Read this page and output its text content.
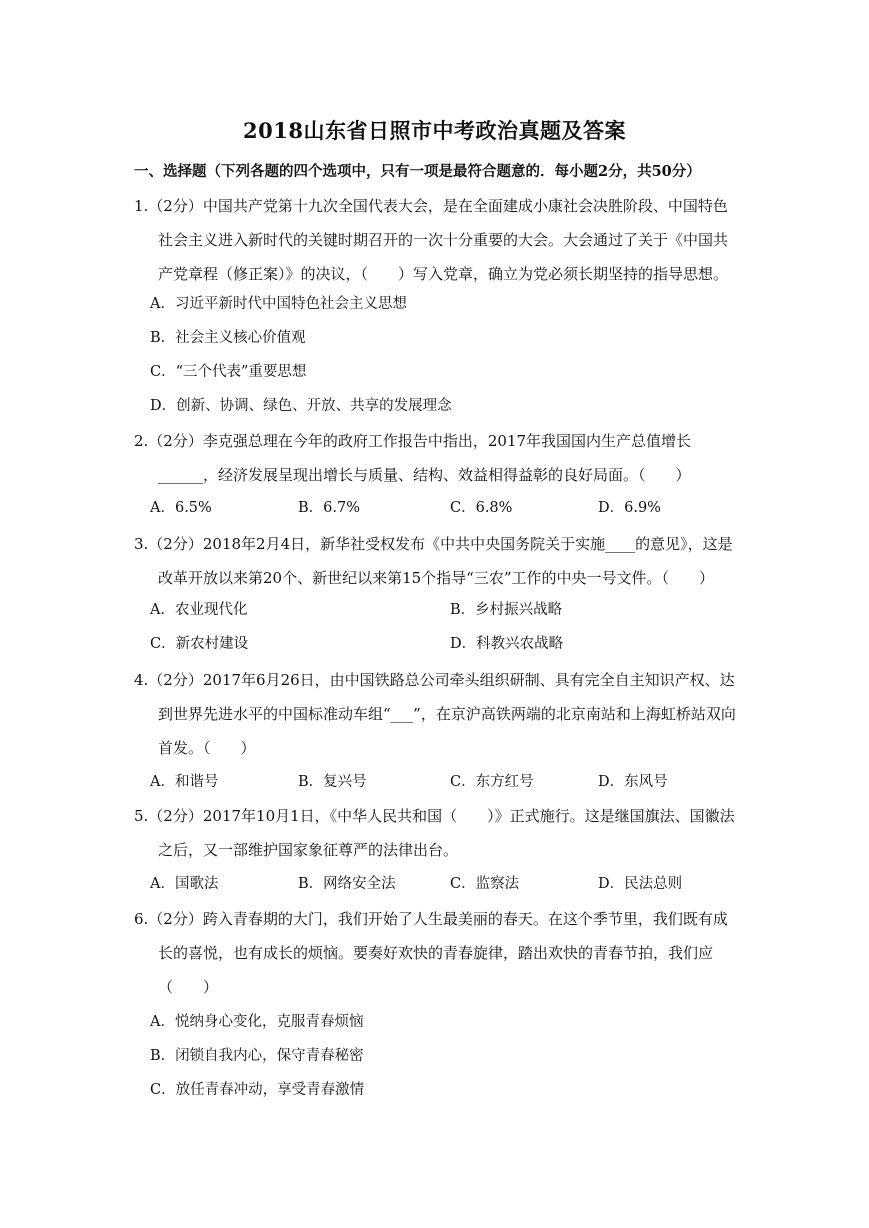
2018山东省日照市中考政治真题及答案
一、选择题（下列各题的四个选项中，只有一项是最符合题意的．每小题2分，共50分）
1.（2分）中国共产党第十九次全国代表大会，是在全面建成小康社会决胜阶段、中国特色社会主义进入新时代的关键时期召开的一次十分重要的大会。大会通过了关于《中国共产党章程（修正案）》的决议，（　　）写入党章，确立为党必须长期坚持的指导思想。
A．习近平新时代中国特色社会主义思想
B．社会主义核心价值观
C．“三个代表”重要思想
D．创新、协调、绿色、开放、共享的发展理念
2.（2分）李克强总理在今年的政府工作报告中指出，2017年我国国内生产总值增长______，经济发展呈现出增长与质量、结构、效益相得益彰的良好局面。（　　）
A．6.5%	B．6.7%	C．6.8%	D．6.9%
3.（2分）2018年2月4日，新华社受权发布《中共中央国务院关于实施____的意见》，这是改革开放以来第20个、新世纪以来第15个指导“三农”工作的中央一号文件。（　　）
A．农业现代化	B．乡村振兴战略
C．新农村建设	D．科教兴农战略
4.（2分）2017年6月26日，由中国铁路总公司牵头组织研制、具有完全自主知识产权、达到世界先进水平的中国标准动车组“___”，在京沪高铁两端的北京南站和上海虹桥站双向首发。（　　）
A．和谐号	B．复兴号	C．东方红号	D．东风号
5.（2分）2017年10月1日，《中华人民共和国（　　）》正式施行。这是继国旗法、国徽法之后，又一部维护国家象征尊严的法律出台。
A．国歌法	B．网络安全法	C．监察法	D．民法总则
6.（2分）跨入青春期的大门，我们开始了人生最美丽的春天。在这个季节里，我们既有成长的喜悦，也有成长的烦恼。要奏好欢快的青春旋律，踏出欢快的青春节拍，我们应（　　）
A．悦纳身心变化，克服青春烦恼
B．闭锁自我内心，保守青春秘密
C．放任青春冲动，享受青春激情
